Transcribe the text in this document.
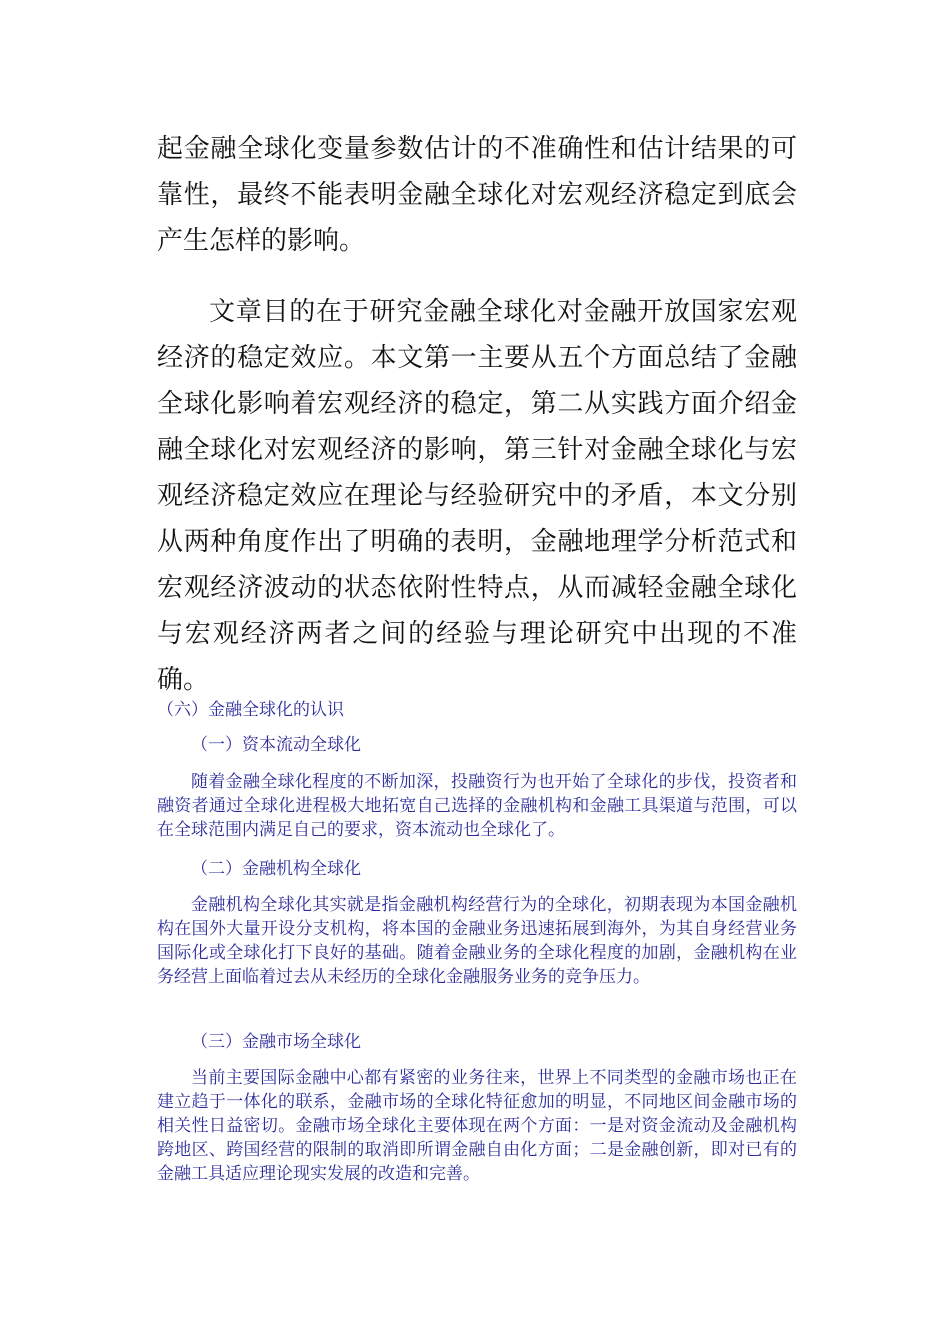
起金融全球化变量参数估计的不准确性和估计结果的可靠性，最终不能表明金融全球化对宏观经济稳定到底会产生怎样的影响。

文章目的在于研究金融全球化对金融开放国家宏观经济的稳定效应。本文第一主要从五个方面总结了金融全球化影响着宏观经济的稳定，第二从实践方面介绍金融全球化对宏观经济的影响，第三针对金融全球化与宏观经济稳定效应在理论与经验研究中的矛盾，本文分别从两种角度作出了明确的表明，金融地理学分析范式和宏观经济波动的状态依附性特点，从而减轻金融全球化与宏观经济两者之间的经验与理论研究中出现的不准确。

（六）金融全球化的认识

（一）资本流动全球化

随着金融全球化程度的不断加深，投融资行为也开始了全球化的步伐，投资者和融资者通过全球化进程极大地拓宽自己选择的金融机构和金融工具渠道与范围，可以在全球范围内满足自己的要求，资本流动也全球化了。

（二）金融机构全球化

金融机构全球化其实就是指金融机构经营行为的全球化，初期表现为本国金融机构在国外大量开设分支机构，将本国的金融业务迅速拓展到海外，为其自身经营业务国际化或全球化打下良好的基础。随着金融业务的全球化程度的加剧，金融机构在业务经营上面临着过去从未经历的全球化金融服务业务的竞争压力。

（三）金融市场全球化

当前主要国际金融中心都有紧密的业务往来，世界上不同类型的金融市场也正在建立趋于一体化的联系，金融市场的全球化特征愈加的明显，不同地区间金融市场的相关性日益密切。金融市场全球化主要体现在两个方面：一是对资金流动及金融机构跨地区、跨国经营的限制的取消即所谓金融自由化方面；二是金融创新，即对已有的金融工具适应理论现实发展的改造和完善。
